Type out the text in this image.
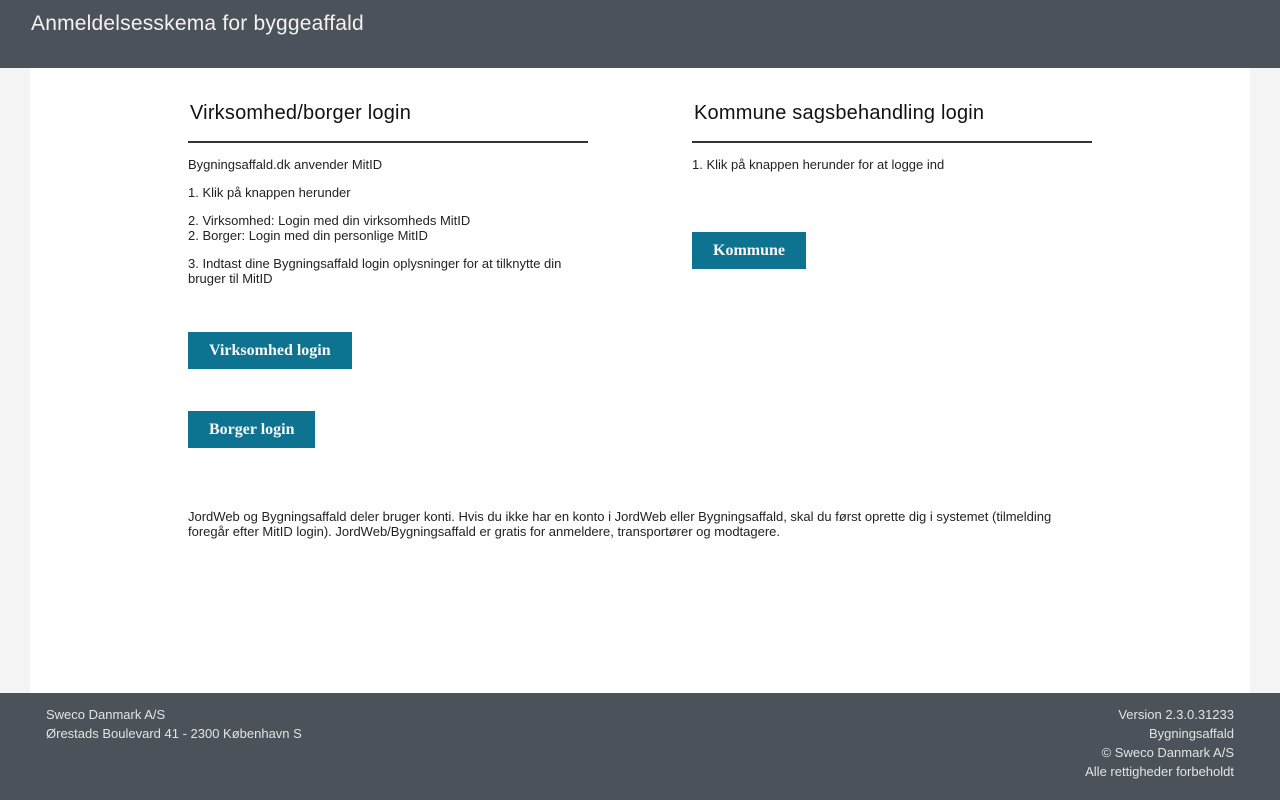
Anmeldelsesskema for byggeaffald
Virksomhed/borger login

Bygningsaffald.dk anvender MitID

1. Klik på knappen herunder

2. Virksomhed: Login med din virksomheds MitID

2. Borger: Login med din personlige MitID

3. Indtast dine Bygningsaffald login oplysninger for at tilknytte din bruger til MitID

Virksomhed login
Borger login
Kommune sagsbehandling login

1. Klik på knappen herunder for at logge ind

Kommune

JordWeb og Bygningsaffald deler bruger konti. Hvis du ikke har en konto i JordWeb eller Bygningsaffald, skal du først oprette dig i systemet (tilmelding foregår efter MitID login). JordWeb/Bygningsaffald er gratis for anmeldere, transportører og modtagere.

Sweco Danmark A/S
Ørestads Boulevard 41 - 2300 København S
Version 2.3.0.31233
Bygningsaffald
© Sweco Danmark A/S
Alle rettigheder forbeholdt
